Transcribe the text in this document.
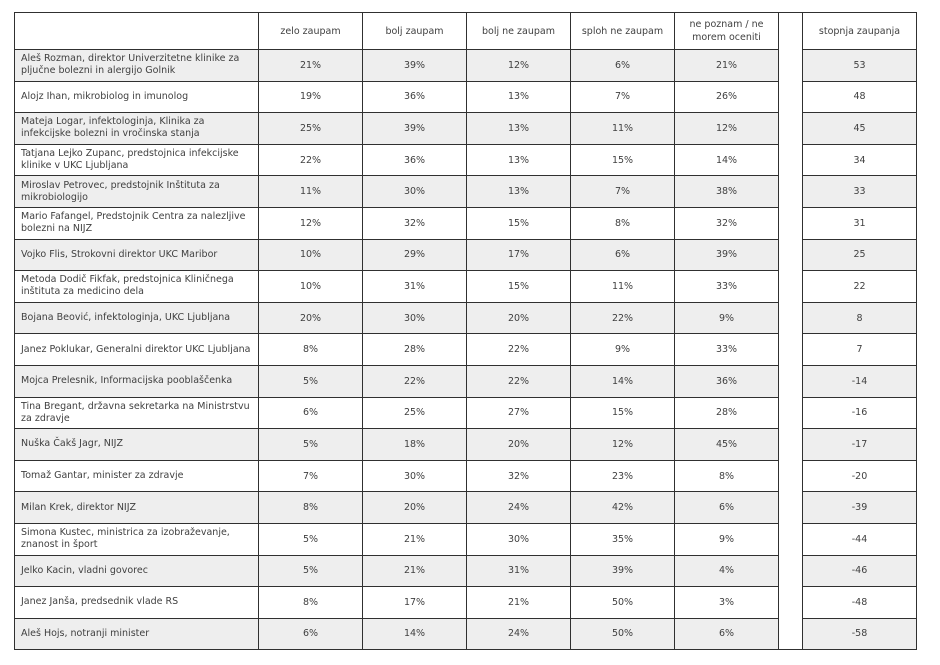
	zelo zaupam	bolj zaupam	bolj ne zaupam	sploh ne zaupam	ne poznam / ne morem oceniti		stopnja zaupanja
Aleš Rozman, direktor Univerzitetne klinike za pljučne bolezni in alergijo Golnik	21%	39%	12%	6%	21%		53
Alojz Ihan, mikrobiolog in imunolog	19%	36%	13%	7%	26%		48
Mateja Logar, infektologinja, Klinika za infekcijske bolezni in vročinska stanja	25%	39%	13%	11%	12%		45
Tatjana Lejko Zupanc, predstojnica infekcijske klinike v UKC Ljubljana	22%	36%	13%	15%	14%		34
Miroslav Petrovec, predstojnik Inštituta za mikrobiologijo	11%	30%	13%	7%	38%		33
Mario Fafangel, Predstojnik Centra za nalezljive bolezni na NIJZ	12%	32%	15%	8%	32%		31
Vojko Flis, Strokovni direktor UKC Maribor	10%	29%	17%	6%	39%		25
Metoda Dodič Fikfak, predstojnica Kliničnega inštituta za medicino dela	10%	31%	15%	11%	33%		22
Bojana Beović, infektologinja, UKC Ljubljana	20%	30%	20%	22%	9%		8
Janez Poklukar, Generalni direktor UKC Ljubljana	8%	28%	22%	9%	33%		7
Mojca Prelesnik, Informacijska pooblaščenka	5%	22%	22%	14%	36%		-14
Tina Bregant, državna sekretarka na Ministrstvu za zdravje	6%	25%	27%	15%	28%		-16
Nuška Čakš Jagr, NIJZ	5%	18%	20%	12%	45%		-17
Tomaž Gantar, minister za zdravje	7%	30%	32%	23%	8%		-20
Milan Krek, direktor NIJZ	8%	20%	24%	42%	6%		-39
Simona Kustec, ministrica za izobraževanje, znanost in šport	5%	21%	30%	35%	9%		-44
Jelko Kacin, vladni govorec	5%	21%	31%	39%	4%		-46
Janez Janša, predsednik vlade RS	8%	17%	21%	50%	3%		-48
Aleš Hojs, notranji minister	6%	14%	24%	50%	6%		-58
